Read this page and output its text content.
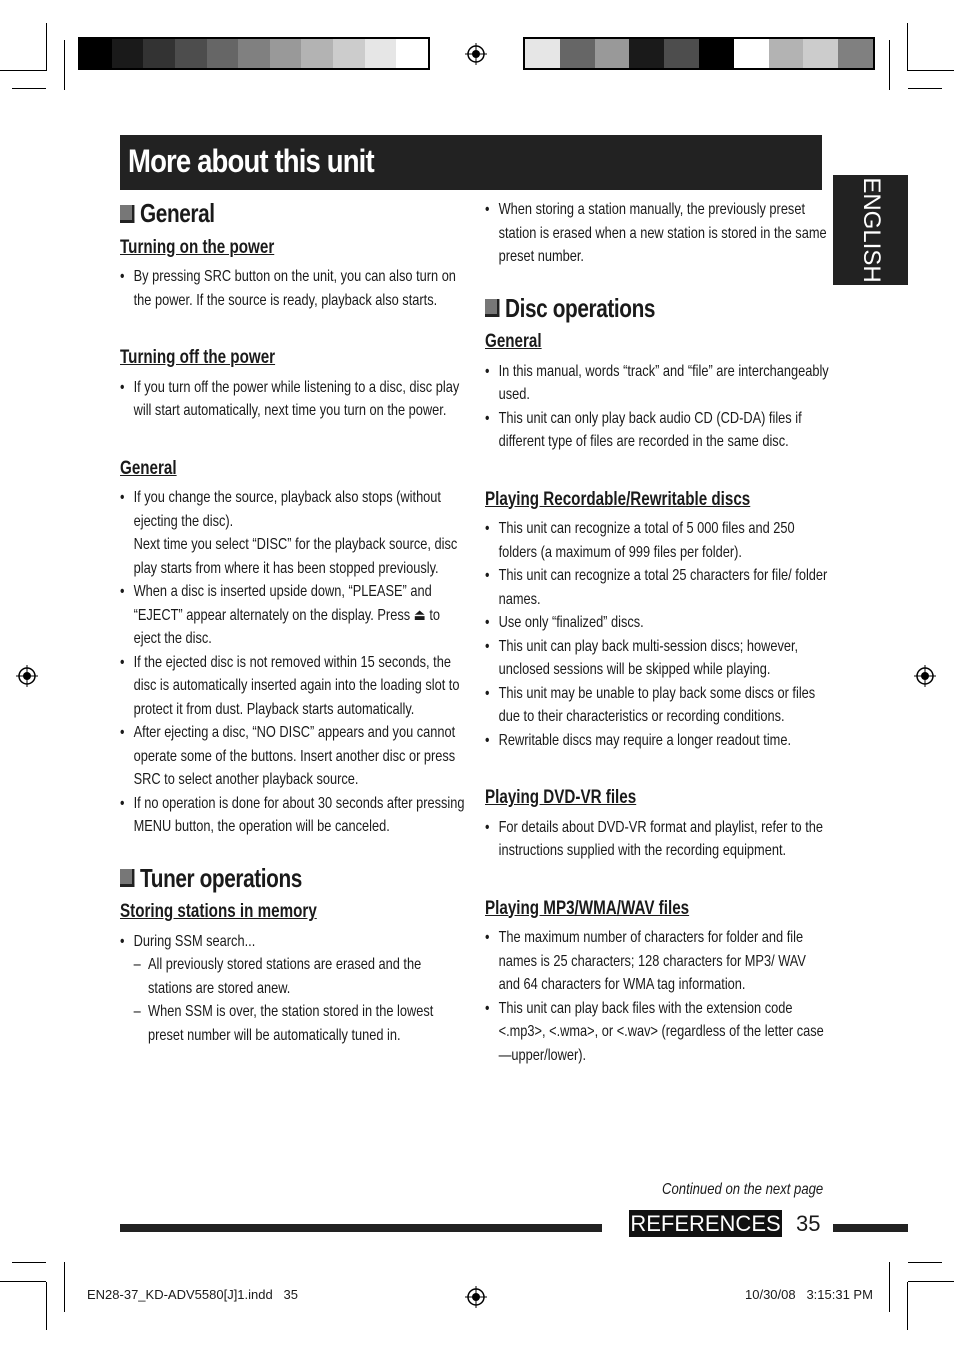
More about this unit
ENGLISH
General
Turning on the power
• By pressing SRC button on the unit, you can also turn on the power. If the source is ready, playback also starts.
Turning off the power
• If you turn off the power while listening to a disc, disc play will start automatically, next time you turn on the power.
General
• If you change the source, playback also stops (without ejecting the disc).
Next time you select “DISC” for the playback source, disc play starts from where it has been stopped previously.
• When a disc is inserted upside down, “PLEASE” and “EJECT” appear alternately on the display. Press ⏏ to eject the disc.
• If the ejected disc is not removed within 15 seconds, the disc is automatically inserted again into the loading slot to protect it from dust. Playback starts automatically.
• After ejecting a disc, “NO DISC” appears and you cannot operate some of the buttons. Insert another disc or press SRC to select another playback source.
• If no operation is done for about 30 seconds after pressing MENU button, the operation will be canceled.
Tuner operations
Storing stations in memory
• During SSM search...
– All previously stored stations are erased and the stations are stored anew.
– When SSM is over, the station stored in the lowest preset number will be automatically tuned in.
• When storing a station manually, the previously preset station is erased when a new station is stored in the same preset number.
Disc operations
General
• In this manual, words “track” and “file” are interchangeably used.
• This unit can only play back audio CD (CD-DA) files if different type of files are recorded in the same disc.
Playing Recordable/Rewritable discs
• This unit can recognize a total of 5 000 files and 250 folders (a maximum of 999 files per folder).
• This unit can recognize a total 25 characters for file/ folder names.
• Use only “finalized” discs.
• This unit can play back multi-session discs; however, unclosed sessions will be skipped while playing.
• This unit may be unable to play back some discs or files due to their characteristics or recording conditions.
• Rewritable discs may require a longer readout time.
Playing DVD-VR files
• For details about DVD-VR format and playlist, refer to the instructions supplied with the recording equipment.
Playing MP3/WMA/WAV files
• The maximum number of characters for folder and file names is 25 characters; 128 characters for MP3/ WAV and 64 characters for WMA tag information.
• This unit can play back files with the extension code <.mp3>, <.wma>, or <.wav> (regardless of the letter case—upper/lower).
Continued on the next page
REFERENCES 35
EN28-37_KD-ADV5580[J]1.indd   35	10/30/08   3:15:31 PM
